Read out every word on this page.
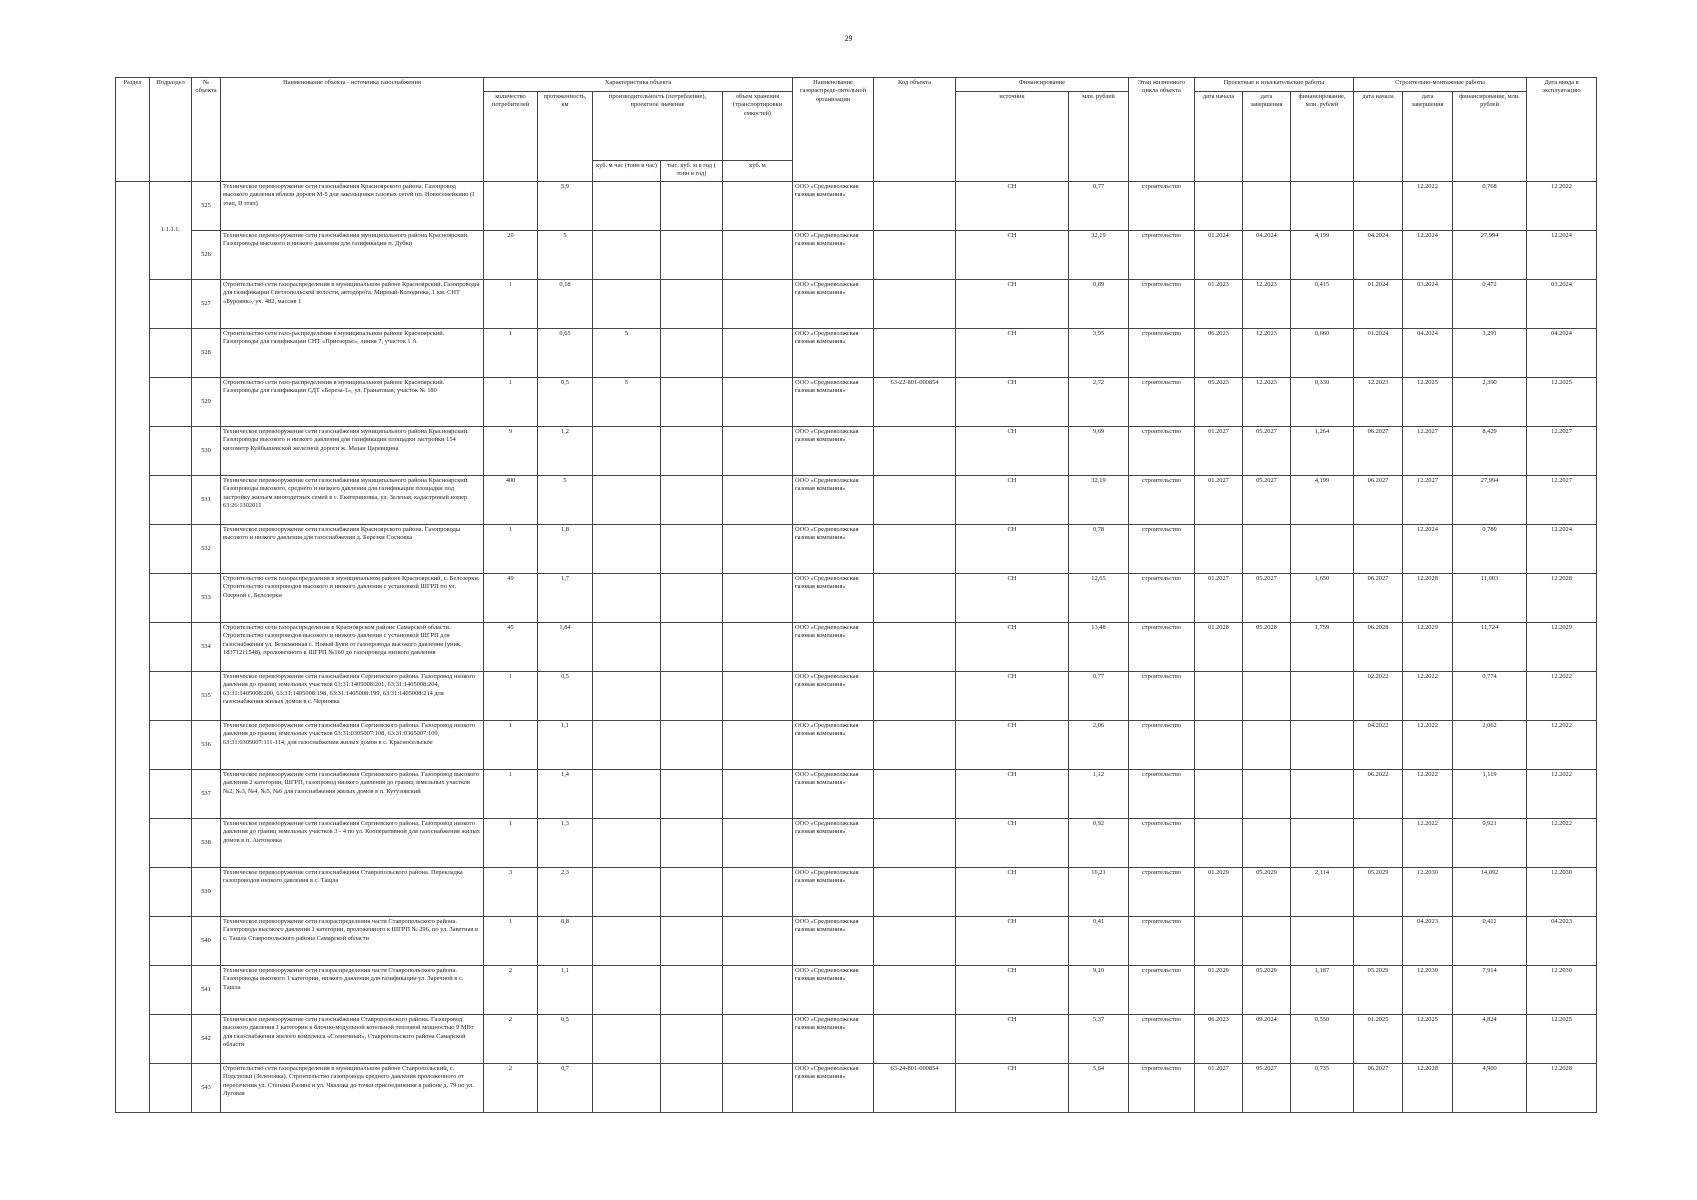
29
Раздел	Подраздел	№ объекта	Наименование объекта - источника газоснабжения	Характеристика объекта					Наименование газораспреде-лительной организации	Код объекта	Финансирование		Этап жизненного цикла объекта	Проектные и изыскательские работы			Строительно-монтажные работы			Дата ввода в эксплуатацию
				количество потребителей	протяженность, км	производительность (потребление), проектное значение		объем хранения (транспортировки емкостей)			источник	млн. рублей		дата начала	дата завершения	финансирование, млн. рублей	дата начала	дата завершения	финансирование, млн. рублей	
						куб. м час (тонн в час)	тыс. куб. м в год ( тонн в год)	куб. м												
	1.1.1.1.	525	Техническое перевооружение сети газоснабжения Красноярского района. Газопровод высокого давления вблизи дороги М-5 для закольцовки газовых сетей пп. Новосемейкино (I этап, II этап)		5,9				ООО «Средневолжская газовая компания»		СН	0,77	строительство					12.2022	0,768	12.2022
		526	Техническое перевооружение сети газоснабжения муниципального района Красноярский. Газопроводы высокого и низкого давления для газификации п. Дубки	20	5				ООО «Средневолжская газовая компания»		СН	32,19	строительство	01.2024	04.2024	4,199	04.2024	12.2024	27,994	12.2024
		527	Строительство сети газораспределения в муниципальном районе Красноярский. Газопроводы для газификации Светлопольской волости, автодорога. Мирный-Колодинка, 1 км. СНТ «Буровик», уч. 482, массив 1	1	0,18				ООО «Средневолжская газовая компания»		СН	0,89	строительство	01.2023	12.2023	0,415	01.2024	03.2024	0,472	03.2024
		528	Строительство сети газо-распределения в муниципальном районе Красноярский. Газопроводы для газификации СНТ «Приозерье», линия 7, участок 1 А	1	0,65	5			ООО «Средневолжская газовая компания»		СН	3,95	строительство	06.2023	12.2023	0,660	01.2024	04.2024	3,291	04.2024
		529	Строительство сети газо-распределения в муниципальном районе Красноярский. Газопроводы для газификации СДТ «Береза-1», ул. Гранатовая, участок № 180	1	0,5	5			ООО «Средневолжская газовая компания»	63-22-801-000854	СН	2,72	строительство	05.2023	12.2023	0,330	12.2023	12.2025	2,390	12.2025
		530	Техническое перевооружение сети газоснабжения муниципального района Красноярский. Газопроводы высокого и низкого давления для газификации площадки застройки 154 километр Куйбышевской железной дороги ж. Мазан Царевщина	9	1,2				ООО «Средневолжская газовая компания»		СН	9,69	строительство	01.2027	05.2027	1,264	06.2027	12.2027	8,429	12.2027
		531	Техническое перевооружение сети газоснабжения муниципального района Красноярский. Газопроводы высокого, среднего и низкого давления для газификации площадки под застройку жильем многодетных семей в с. Екатериновка, ул. Зеленая, кадастровый номер 63:26:1302011	400	5				ООО «Средневолжская газовая компания»		СН	32,19	строительство	01.2027	05.2027	4,199	06.2027	12.2027	27,994	12.2027
		532	Техническое перевооружение сети газоснабжения Красноярского района. Газопроводы высокого и низкого давления для газоснабжения д. Березки Сосновка	1	1,8				ООО «Средневолжская газовая компания»		СН	0,78	строительство					12.2024	0,780	12.2024
		533	Строительство сети газораспределения в муниципальном районе Красноярский, с. Белозерки. Строительство газопроводов высокого и низкого давления с установкой ШГРП по ул. Озерной с. Белозерки	49	1,7				ООО «Средневолжская газовая компания»		СН	12,65	строительство	01.2027	05.2027	1,650	06.2027	12.2028	11,003	12.2028
		534	Строительство сети газораспределения в Красноярском районе Самарской области. Строительство газопроводов высокого и низкого давления с установкой ШГРП для газоснабжения ул. Безымянная с. Новый Буян от газопровода высокого давления (уник. 18371211548), проложенного к ШГРП №160 до газопровода низкого давления	45	1,84				ООО «Средневолжская газовая компания»		СН	13,48	строительство	01.2028	05.2028	1,759	06.2028	12.2029	11,724	12.2029
		535	Техническое перевооружение сети газоснабжения Сергиевского района. Газопровод низкого давления до границ земельных участков 63:31:1405008:201, 63:31:1405008:204, 63:31:1405008:200, 63:31:1405008:198, 63:31:1405008:199, 63:31:1405008:214 для газоснабжения жилых домов в с. Черновка	1	0,5				ООО «Средневолжская газовая компания»		СН	0,77	строительство				02.2022	12.2022	0,774	12.2022
		536	Техническое перевооружение сети газоснабжения Сергиевского района. Газопровод низкого давления до границ земельных участков 63:31:0305007:108, 63:31:0305007:109, 63:31:0305007:111-114, для газоснабжения жилых домов в с. Красносельское	1	1,1				ООО «Средневолжская газовая компания»		СН	2,06	строительство				04.2022	12.2022	2,062	12.2022
		537	Техническое перевооружение сети газоснабжения Сергиевского района. Газопровод высокого давления 2 категории, ШГРП, газопровод низкого давления до границ земельных участков №2, №3, №4, №5, №6 для газоснабжения жилых домов в п. Кутузовский	1	1,4				ООО «Средневолжская газовая компания»		СН	1,12	строительство				06.2022	12.2022	1,119	12.2022
		538	Техническое перевооружение сети газоснабжения Сергиевского района. Газопровод низкого давления до границ земельных участков 3 - 4 по ул. Кооперативной для газоснабжения жилых домов в п. Антоновка	1	1,3				ООО «Средневолжская газовая компания»		СН	0,92	строительство					12.2022	0,921	12.2022
		539	Техническое перевооружение сети газоснабжения Ставропольского района. Перекладка газопроводов низкого давления в с. Тащла	3	2,3				ООО «Средневолжская газовая компания»		СН	16,21	строительство	01.2029	05.2029	2,114	05.2029	12.2030	14,092	12.2030
		540	Техническое перевооружение сети газораспределения части Ставропольского района. Газопровода высокого давления 1 категории, проложенного к ШГРП № 296, по ул. Заветная в с. Ташла Ставропольского района Самарской области	1	0,8				ООО «Средневолжская газовая компания»		СН	0,41	строительство					04.2023	0,411	04.2023
		541	Техническое перевооружение сети газораспределения части Ставропольского района. Газопроводы высокого 1 категории, низкого давления для газификации ул. Заречной в с. Ташла	2	1,1				ООО «Средневолжская газовая компания»		СН	9,10	строительство	01.2029	05.2029	1,187	05.2029	12.2030	7,914	12.2030
		542	Техническое перевооружение сети газоснабжения Ставропольского района. Газопровод высокого давления 1 категории к блочно-модульной котельной тепловой мощностью 9 МВт для газоснабжения жилого комплекса «Солнечный», Ставропольского района Самарской области	2	0,5				ООО «Средневолжская газовая компания»		СН	5,37	строительство	06.2023	09.2024	0,550	01.2025	12.2025	4,824	12.2025
		543	Строительство сети газораспределения в муниципальном районе Ставропольский, с. Подстепки (Зеленовка). Строительство газопровода среднего давления проложенного от пересечения ул. Степана Разина и ул. Чкалова до точки присоединения в районе д. 79 по ул. Луговая	2	0,7				ООО «Средневолжская газовая компания»	63-24-801-000854	СН	5,64	строительство	01.2027	05.2027	0,735	06.2027	12.2028	4,900	12.2028
